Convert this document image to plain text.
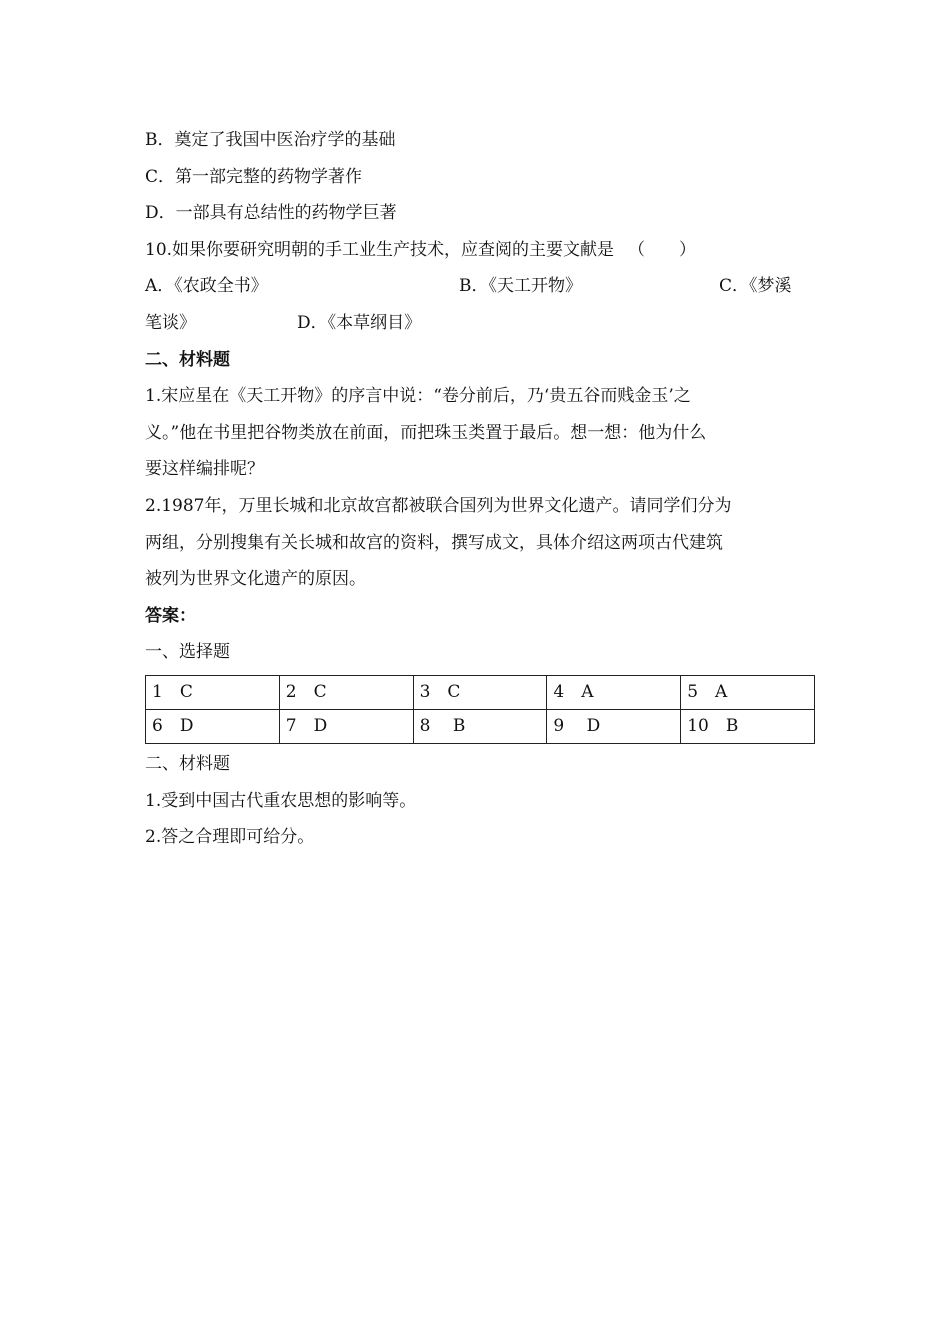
B．奠定了我国中医治疗学的基础
C．第一部完整的药物学著作
D．一部具有总结性的药物学巨著
10.如果你要研究明朝的手工业生产技术，应查阅的主要文献是 　（　　）
A．《农政全书》	B．《天工开物》	C．《梦溪
笔谈》	D．《本草纲目》
二、材料题
1.宋应星在《天工开物》的序言中说：“卷分前后，乃‘贵五谷而贱金玉’之
义。”他在书里把谷物类放在前面，而把珠玉类置于最后。想一想：他为什么
要这样编排呢？
2.1987年，万里长城和北京故宫都被联合国列为世界文化遗产。请同学们分为
两组，分别搜集有关长城和故宫的资料，撰写成文，具体介绍这两项古代建筑
被列为世界文化遗产的原因。
答案：
一、选择题
1　C	2　C	3　C	4　A	5　A
6　D	7　D	8　 B	9　 D	10　B
二、材料题
1.受到中国古代重农思想的影响等。
2.答之合理即可给分。
